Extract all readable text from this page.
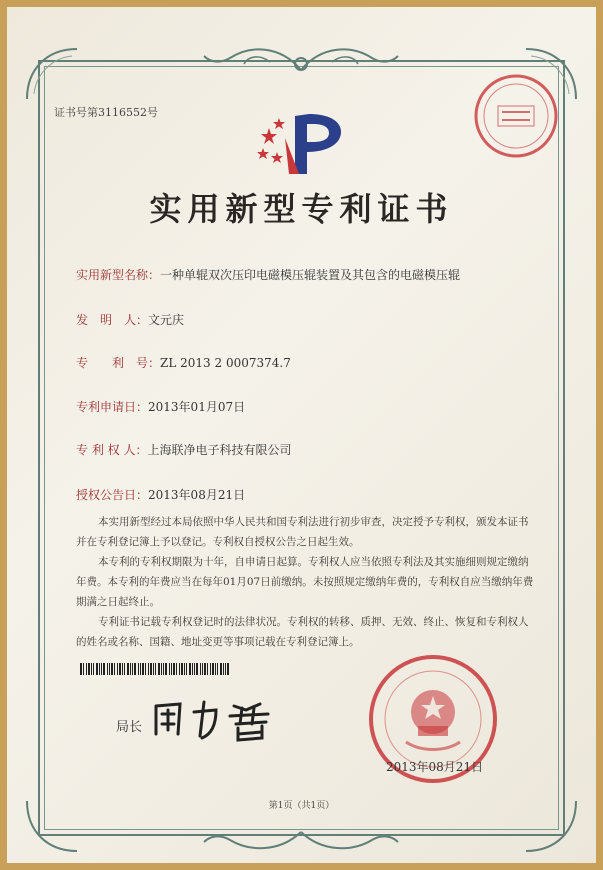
证书号第3116552号
实用新型专利证书
实用新型名称：一种单辊双次压印电磁模压辊装置及其包含的电磁模压辊
发　明　人：文元庆
专　　利　号：ZL 2013 2 0007374.7
专利申请日：2013年01月07日
专 利 权 人：上海联净电子科技有限公司
授权公告日：2013年08月21日

本实用新型经过本局依照中华人民共和国专利法进行初步审查，决定授予专利权，颁发本证书并在专利登记簿上予以登记。专利权自授权公告之日起生效。

本专利的专利权期限为十年，自申请日起算。专利权人应当依照专利法及其实施细则规定缴纳年费。本专利的年费应当在每年01月07日前缴纳。未按照规定缴纳年费的，专利权自应当缴纳年费期满之日起终止。

专利证书记载专利权登记时的法律状况。专利权的转移、质押、无效、终止、恢复和专利权人的姓名或名称、国籍、地址变更等事项记载在专利登记簿上。

局长
2013年08月21日
第1页（共1页）
